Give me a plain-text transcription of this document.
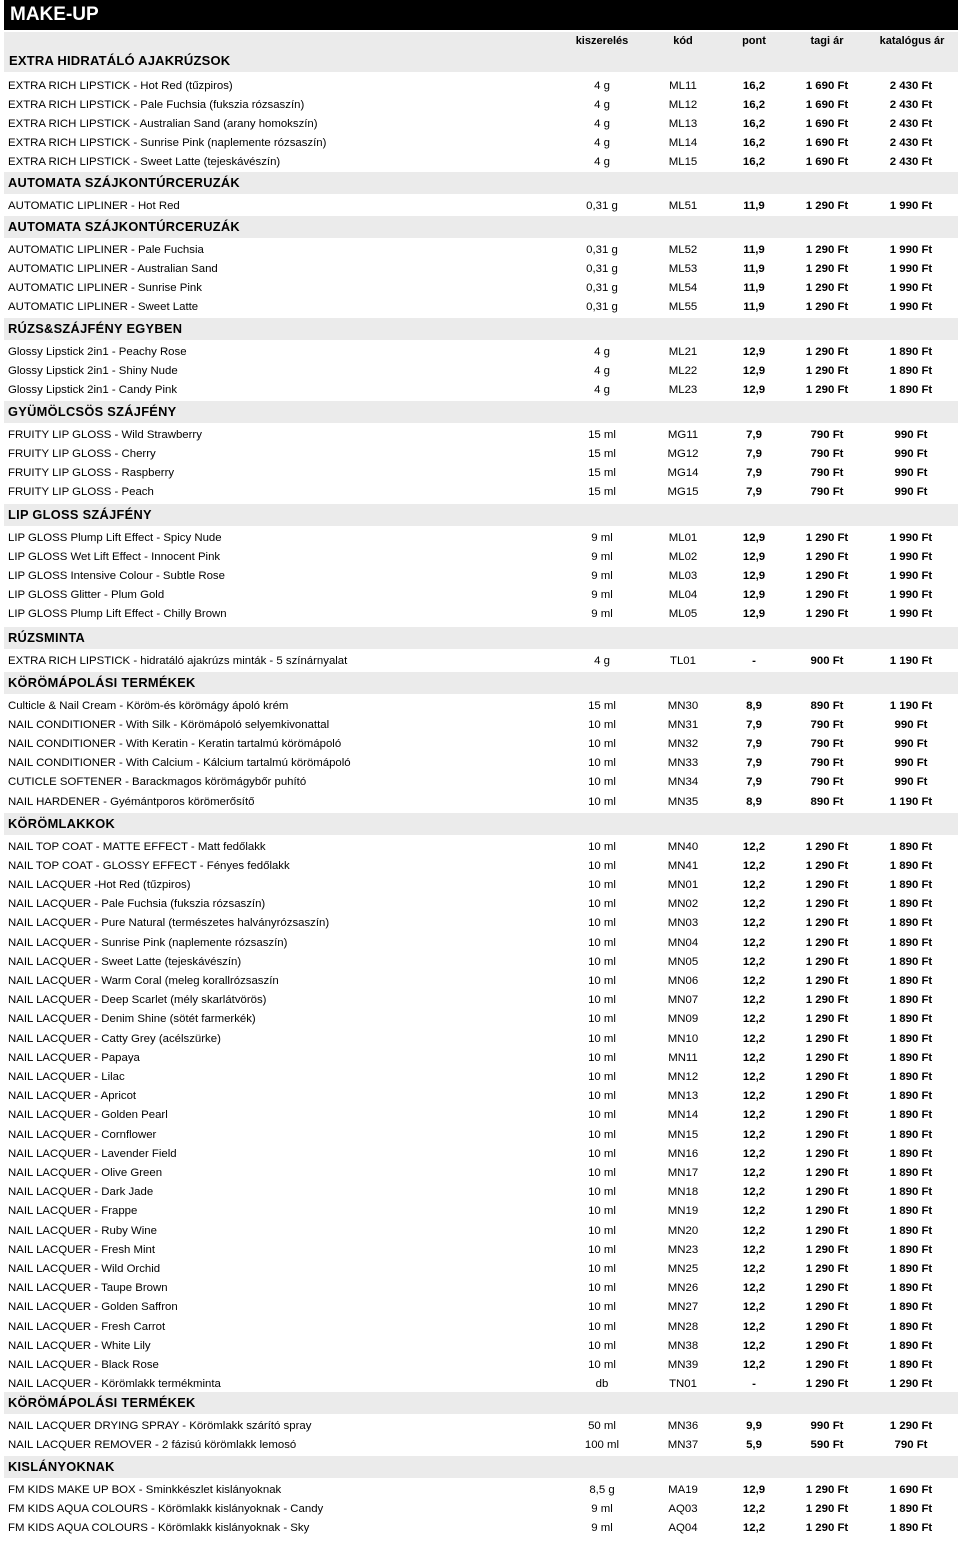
MAKE-UP
EXTRA HIDRATÁLÓ AJAKRÚZSOK
kiszerelés	kód	pont	tagi ár	katalógus ár
EXTRA RICH LIPSTICK - Hot Red (tűzpiros)	4 g	ML11	16,2	1 690 Ft	2 430 Ft
EXTRA RICH LIPSTICK - Pale Fuchsia (fukszia rózsaszín)	4 g	ML12	16,2	1 690 Ft	2 430 Ft
EXTRA RICH LIPSTICK - Australian Sand (arany homokszín)	4 g	ML13	16,2	1 690 Ft	2 430 Ft
EXTRA RICH LIPSTICK - Sunrise Pink (naplemente rózsaszín)	4 g	ML14	16,2	1 690 Ft	2 430 Ft
EXTRA RICH LIPSTICK - Sweet Latte (tejeskávészín)	4 g	ML15	16,2	1 690 Ft	2 430 Ft
AUTOMATA SZÁJKONTÚRCERUZÁK
AUTOMATIC LIPLINER - Hot Red	0,31 g	ML51	11,9	1 290 Ft	1 990 Ft
AUTOMATA SZÁJKONTÚRCERUZÁK
AUTOMATIC LIPLINER - Pale Fuchsia	0,31 g	ML52	11,9	1 290 Ft	1 990 Ft
AUTOMATIC LIPLINER - Australian Sand	0,31 g	ML53	11,9	1 290 Ft	1 990 Ft
AUTOMATIC LIPLINER - Sunrise Pink	0,31 g	ML54	11,9	1 290 Ft	1 990 Ft
AUTOMATIC LIPLINER - Sweet Latte	0,31 g	ML55	11,9	1 290 Ft	1 990 Ft
RÚZS&SZÁJFÉNY EGYBEN
Glossy Lipstick 2in1 - Peachy Rose	4 g	ML21	12,9	1 290 Ft	1 890 Ft
Glossy Lipstick 2in1 - Shiny Nude	4 g	ML22	12,9	1 290 Ft	1 890 Ft
Glossy Lipstick 2in1 - Candy Pink	4 g	ML23	12,9	1 290 Ft	1 890 Ft
GYÜMÖLCSÖS SZÁJFÉNY
FRUITY LIP GLOSS - Wild Strawberry	15 ml	MG11	7,9	790 Ft	990 Ft
FRUITY LIP GLOSS - Cherry	15 ml	MG12	7,9	790 Ft	990 Ft
FRUITY LIP GLOSS - Raspberry	15 ml	MG14	7,9	790 Ft	990 Ft
FRUITY LIP GLOSS - Peach	15 ml	MG15	7,9	790 Ft	990 Ft
LIP GLOSS SZÁJFÉNY
LIP GLOSS Plump Lift Effect - Spicy Nude	9 ml	ML01	12,9	1 290 Ft	1 990 Ft
LIP GLOSS Wet Lift Effect - Innocent Pink	9 ml	ML02	12,9	1 290 Ft	1 990 Ft
LIP GLOSS Intensive Colour - Subtle Rose	9 ml	ML03	12,9	1 290 Ft	1 990 Ft
LIP GLOSS Glitter - Plum Gold	9 ml	ML04	12,9	1 290 Ft	1 990 Ft
LIP GLOSS Plump Lift Effect - Chilly Brown	9 ml	ML05	12,9	1 290 Ft	1 990 Ft
RÚZSMINTA
EXTRA RICH LIPSTICK - hidratáló ajakrúzs minták - 5 színárnyalat	4 g	TL01	-	900 Ft	1 190 Ft
KÖRÖMÁPOLÁSI TERMÉKEK
Culticle & Nail Cream - Köröm-és körömágy ápoló krém	15 ml	MN30	8,9	890 Ft	1 190 Ft
NAIL CONDITIONER - With Silk - Körömápoló selyemkivonattal	10 ml	MN31	7,9	790 Ft	990 Ft
NAIL CONDITIONER - With Keratin - Keratin tartalmú körömápoló	10 ml	MN32	7,9	790 Ft	990 Ft
NAIL CONDITIONER - With Calcium - Kálcium tartalmú körömápoló	10 ml	MN33	7,9	790 Ft	990 Ft
CUTICLE SOFTENER - Barackmagos körömágybőr puhító	10 ml	MN34	7,9	790 Ft	990 Ft
NAIL HARDENER - Gyémántporos körömerősítő	10 ml	MN35	8,9	890 Ft	1 190 Ft
KÖRÖMLAKKOK
NAIL TOP COAT - MATTE EFFECT - Matt fedőlakk	10 ml	MN40	12,2	1 290 Ft	1 890 Ft
NAIL TOP COAT - GLOSSY EFFECT - Fényes fedőlakk	10 ml	MN41	12,2	1 290 Ft	1 890 Ft
NAIL LACQUER -Hot Red (tűzpiros)	10 ml	MN01	12,2	1 290 Ft	1 890 Ft
NAIL LACQUER - Pale Fuchsia (fukszia rózsaszín)	10 ml	MN02	12,2	1 290 Ft	1 890 Ft
NAIL LACQUER - Pure Natural (természetes halványrózsaszín)	10 ml	MN03	12,2	1 290 Ft	1 890 Ft
NAIL LACQUER - Sunrise Pink (naplemente rózsaszín)	10 ml	MN04	12,2	1 290 Ft	1 890 Ft
NAIL LACQUER - Sweet Latte (tejeskávészín)	10 ml	MN05	12,2	1 290 Ft	1 890 Ft
NAIL LACQUER - Warm Coral (meleg korallrózsaszín	10 ml	MN06	12,2	1 290 Ft	1 890 Ft
NAIL LACQUER - Deep Scarlet (mély skarlátvörös)	10 ml	MN07	12,2	1 290 Ft	1 890 Ft
NAIL LACQUER - Denim Shine (sötét farmerkék)	10 ml	MN09	12,2	1 290 Ft	1 890 Ft
NAIL LACQUER - Catty Grey (acélszürke)	10 ml	MN10	12,2	1 290 Ft	1 890 Ft
NAIL LACQUER - Papaya	10 ml	MN11	12,2	1 290 Ft	1 890 Ft
NAIL LACQUER - Lilac	10 ml	MN12	12,2	1 290 Ft	1 890 Ft
NAIL LACQUER - Apricot	10 ml	MN13	12,2	1 290 Ft	1 890 Ft
NAIL LACQUER - Golden Pearl	10 ml	MN14	12,2	1 290 Ft	1 890 Ft
NAIL LACQUER - Cornflower	10 ml	MN15	12,2	1 290 Ft	1 890 Ft
NAIL LACQUER - Lavender Field	10 ml	MN16	12,2	1 290 Ft	1 890 Ft
NAIL LACQUER - Olive Green	10 ml	MN17	12,2	1 290 Ft	1 890 Ft
NAIL LACQUER - Dark Jade	10 ml	MN18	12,2	1 290 Ft	1 890 Ft
NAIL LACQUER - Frappe	10 ml	MN19	12,2	1 290 Ft	1 890 Ft
NAIL LACQUER - Ruby Wine	10 ml	MN20	12,2	1 290 Ft	1 890 Ft
NAIL LACQUER - Fresh Mint	10 ml	MN23	12,2	1 290 Ft	1 890 Ft
NAIL LACQUER - Wild Orchid	10 ml	MN25	12,2	1 290 Ft	1 890 Ft
NAIL LACQUER - Taupe Brown	10 ml	MN26	12,2	1 290 Ft	1 890 Ft
NAIL LACQUER - Golden Saffron	10 ml	MN27	12,2	1 290 Ft	1 890 Ft
NAIL LACQUER - Fresh Carrot	10 ml	MN28	12,2	1 290 Ft	1 890 Ft
NAIL LACQUER - White Lily	10 ml	MN38	12,2	1 290 Ft	1 890 Ft
NAIL LACQUER - Black Rose	10 ml	MN39	12,2	1 290 Ft	1 890 Ft
NAIL LACQUER - Körömlakk termékminta	db	TN01	-	1 290 Ft	1 290 Ft
KÖRÖMÁPOLÁSI TERMÉKEK
NAIL LACQUER DRYING SPRAY - Körömlakk szárító spray	50 ml	MN36	9,9	990 Ft	1 290 Ft
NAIL LACQUER REMOVER - 2 fázisú körömlakk lemosó	100 ml	MN37	5,9	590 Ft	790 Ft
KISLÁNYOKNAK
FM KIDS MAKE UP BOX - Sminkkészlet kislányoknak	8,5 g	MA19	12,9	1 290 Ft	1 690 Ft
FM KIDS AQUA COLOURS - Körömlakk kislányoknak - Candy	9 ml	AQ03	12,2	1 290 Ft	1 890 Ft
FM KIDS AQUA COLOURS - Körömlakk kislányoknak - Sky	9 ml	AQ04	12,2	1 290 Ft	1 890 Ft
